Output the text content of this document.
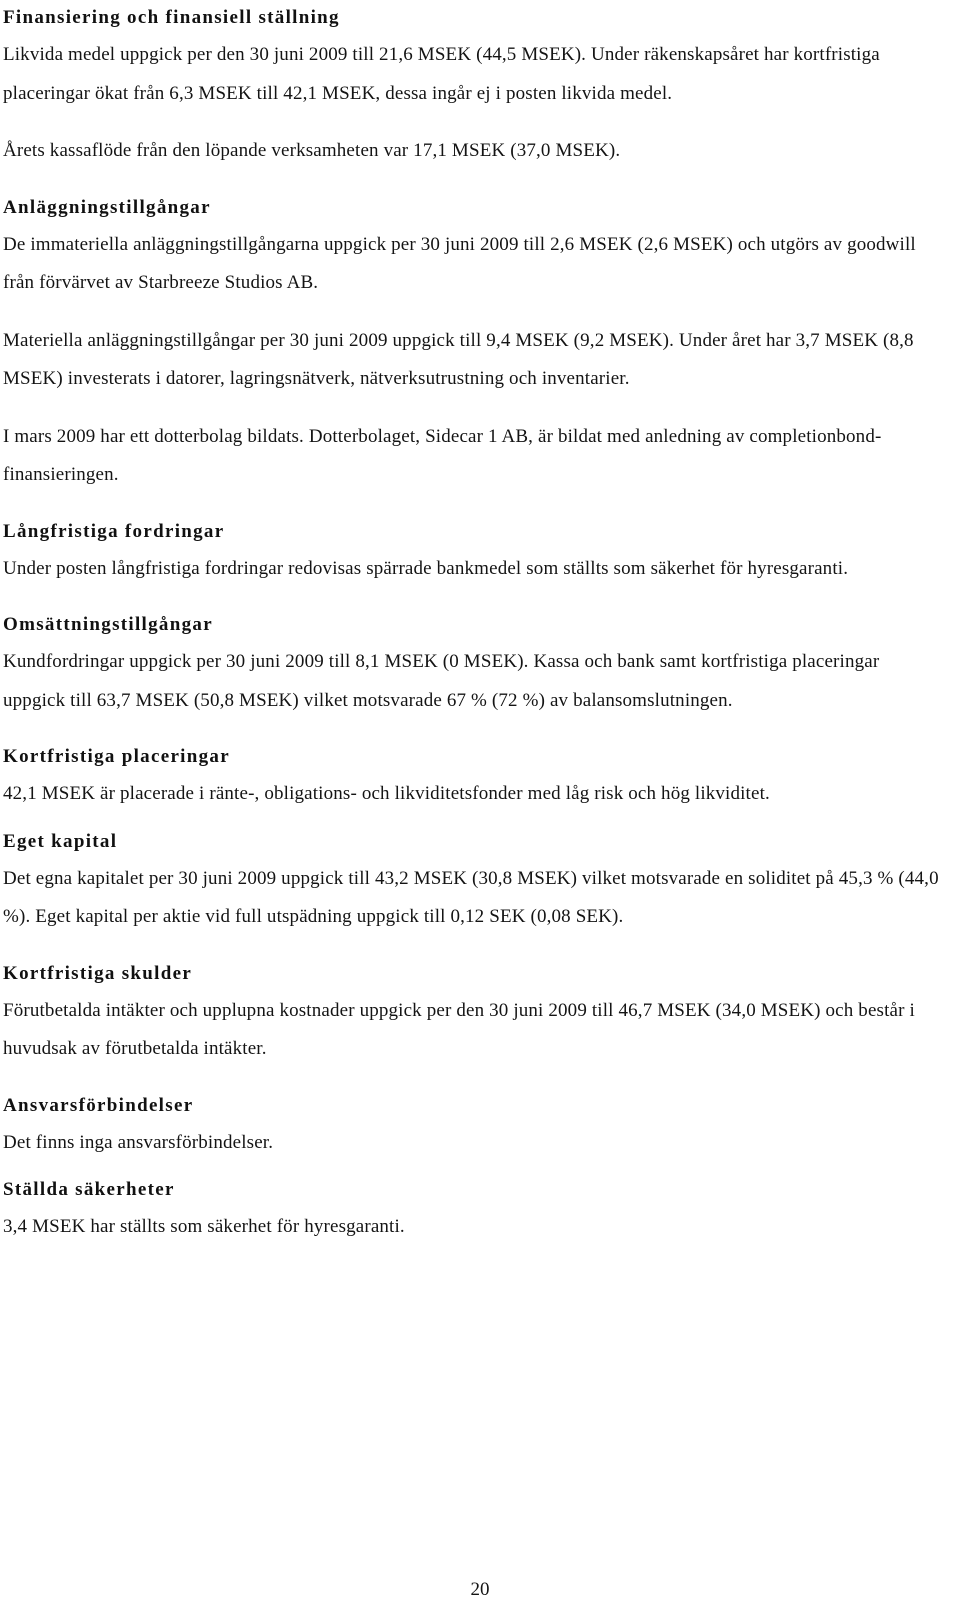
Finansiering och finansiell ställning

Likvida medel uppgick per den 30 juni 2009 till 21,6 MSEK (44,5 MSEK). Under räkenskapsåret har kortfristiga placeringar ökat från 6,3 MSEK till 42,1 MSEK, dessa ingår ej i posten likvida medel.

Årets kassaflöde från den löpande verksamheten var 17,1 MSEK (37,0 MSEK).

Anläggningstillgångar

De immateriella anläggningstillgångarna uppgick per 30 juni 2009 till 2,6 MSEK (2,6 MSEK) och utgörs av goodwill från förvärvet av Starbreeze Studios AB.

Materiella anläggningstillgångar per 30 juni 2009 uppgick till 9,4 MSEK (9,2 MSEK). Under året har 3,7 MSEK (8,8 MSEK) investerats i datorer, lagringsnätverk, nätverksutrustning och inventarier.

I mars 2009 har ett dotterbolag bildats. Dotterbolaget, Sidecar 1 AB, är bildat med anledning av completionbond-finansieringen.

Långfristiga fordringar

Under posten långfristiga fordringar redovisas spärrade bankmedel som ställts som säkerhet för hyresgaranti.

Omsättningstillgångar

Kundfordringar uppgick per 30 juni 2009 till 8,1 MSEK (0 MSEK). Kassa och bank samt kortfristiga placeringar uppgick till 63,7 MSEK (50,8 MSEK) vilket motsvarade 67 % (72 %) av balansomslutningen.

Kortfristiga placeringar

42,1 MSEK är placerade i ränte-, obligations- och likviditetsfonder med låg risk och hög likviditet.

Eget kapital

Det egna kapitalet per 30 juni 2009 uppgick till 43,2 MSEK (30,8 MSEK) vilket motsvarade en soliditet på 45,3 % (44,0 %). Eget kapital per aktie vid full utspädning uppgick till 0,12 SEK (0,08 SEK).

Kortfristiga skulder

Förutbetalda intäkter och upplupna kostnader uppgick per den 30 juni 2009 till 46,7 MSEK (34,0 MSEK) och består i huvudsak av förutbetalda intäkter.

Ansvarsförbindelser

Det finns inga ansvarsförbindelser.

Ställda säkerheter

3,4 MSEK har ställts som säkerhet för hyresgaranti.

20
